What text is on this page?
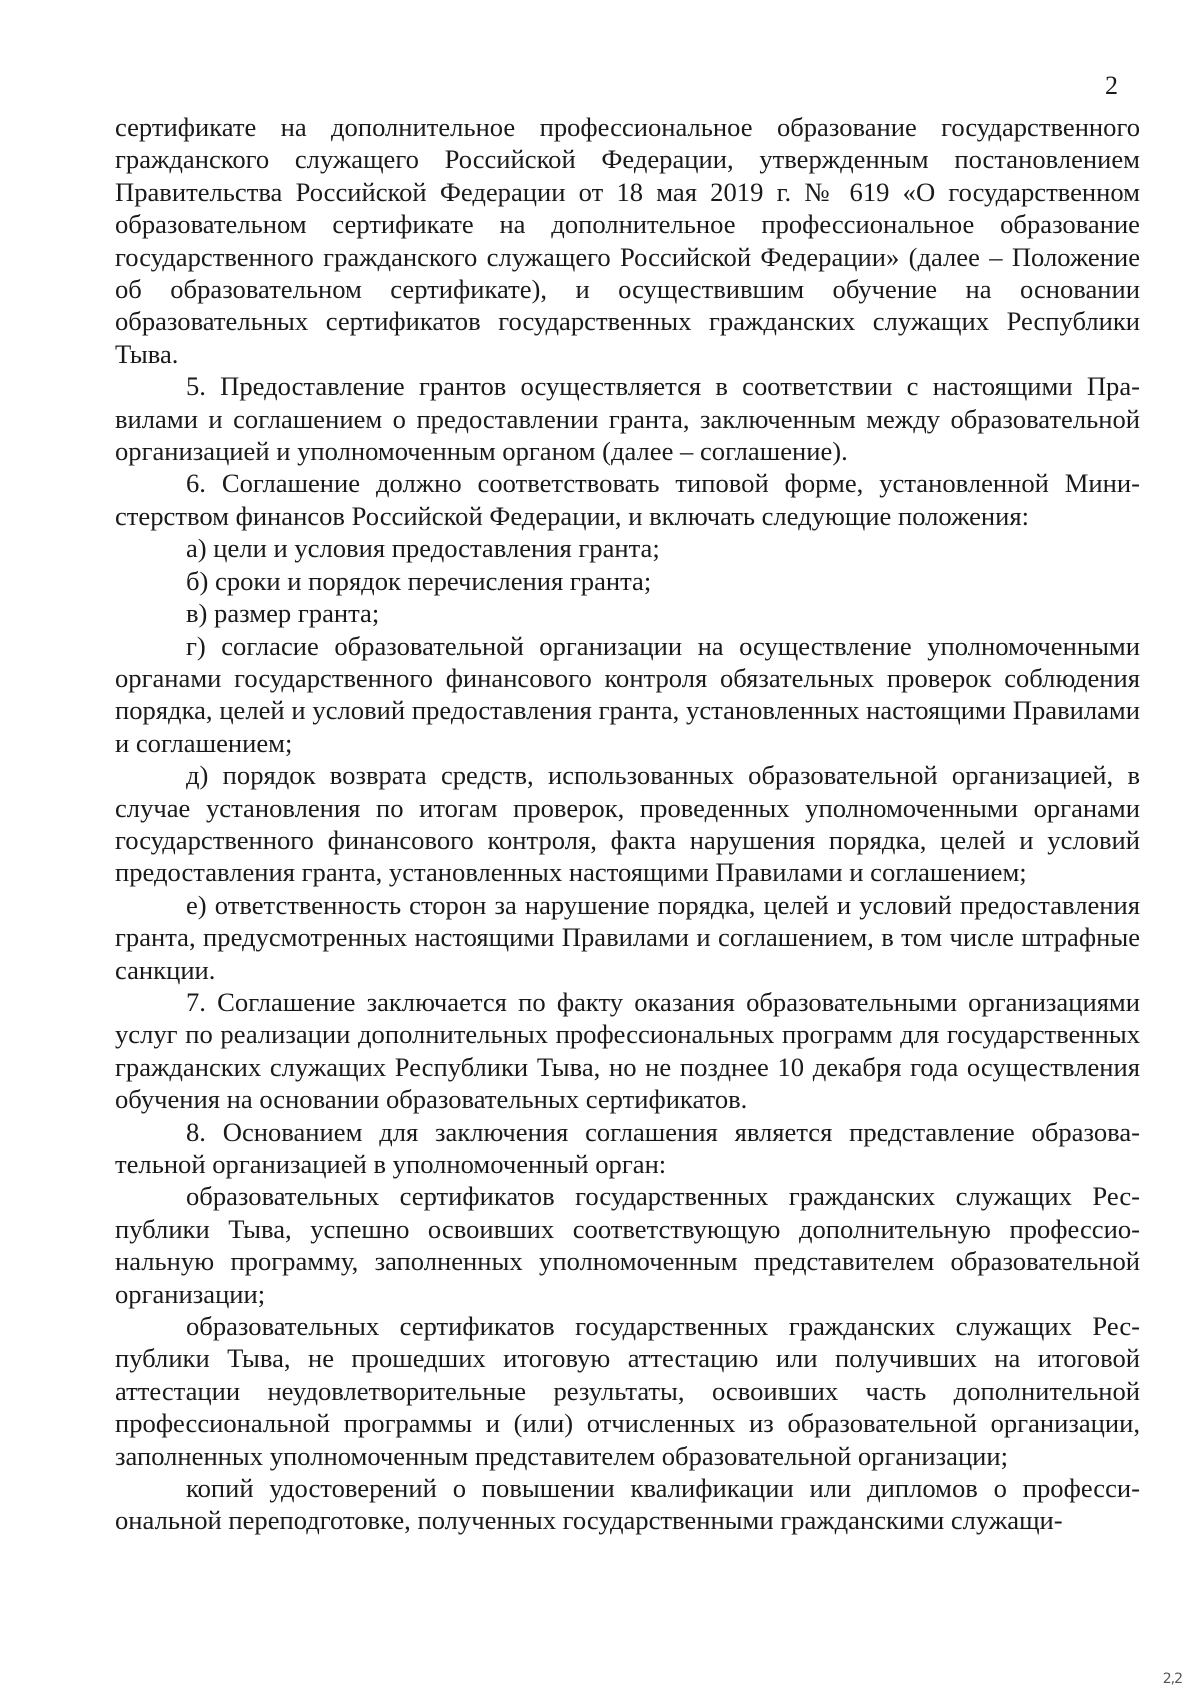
2

сертификате на дополнительное профессиональное образование государственного гражданского служащего Российской Федерации, утвержденным постановлением Правительства Российской Федерации от 18 мая 2019 г. № 619 «О государственном образовательном сертификате на дополнительное профессиональное образование государственного гражданского служащего Российской Федерации» (далее – Положение об образовательном сертификате), и осуществившим обучение на основании образовательных сертификатов государственных гражданских служащих Республики Тыва.

5. Предоставление грантов осуществляется в соответствии с настоящими Правилами и соглашением о предоставлении гранта, заключенным между образовательной организацией и уполномоченным органом (далее – соглашение).

6. Соглашение должно соответствовать типовой форме, установленной Министерством финансов Российской Федерации, и включать следующие положения:

а) цели и условия предоставления гранта;

б) сроки и порядок перечисления гранта;

в) размер гранта;

г) согласие образовательной организации на осуществление уполномоченными органами государственного финансового контроля обязательных проверок соблюдения порядка, целей и условий предоставления гранта, установленных настоящими Правилами и соглашением;

д) порядок возврата средств, использованных образовательной организацией, в случае установления по итогам проверок, проведенных уполномоченными органами государственного финансового контроля, факта нарушения порядка, целей и условий предоставления гранта, установленных настоящими Правилами и соглашением;

е) ответственность сторон за нарушение порядка, целей и условий предоставления гранта, предусмотренных настоящими Правилами и соглашением, в том числе штрафные санкции.

7. Соглашение заключается по факту оказания образовательными организациями услуг по реализации дополнительных профессиональных программ для государственных гражданских служащих Республики Тыва, но не позднее 10 декабря года осуществления обучения на основании образовательных сертификатов.

8. Основанием для заключения соглашения является представление образовательной организацией в уполномоченный орган:

образовательных сертификатов государственных гражданских служащих Республики Тыва, успешно освоивших соответствующую дополнительную профессиональную программу, заполненных уполномоченным представителем образовательной организации;

образовательных сертификатов государственных гражданских служащих Республики Тыва, не прошедших итоговую аттестацию или получивших на итоговой аттестации неудовлетворительные результаты, освоивших часть дополнительной профессиональной программы и (или) отчисленных из образовательной организации, заполненных уполномоченным представителем образовательной организации;

копий удостоверений о повышении квалификации или дипломов о профессиональной переподготовке, полученных государственными гражданскими служащи-

2,2
